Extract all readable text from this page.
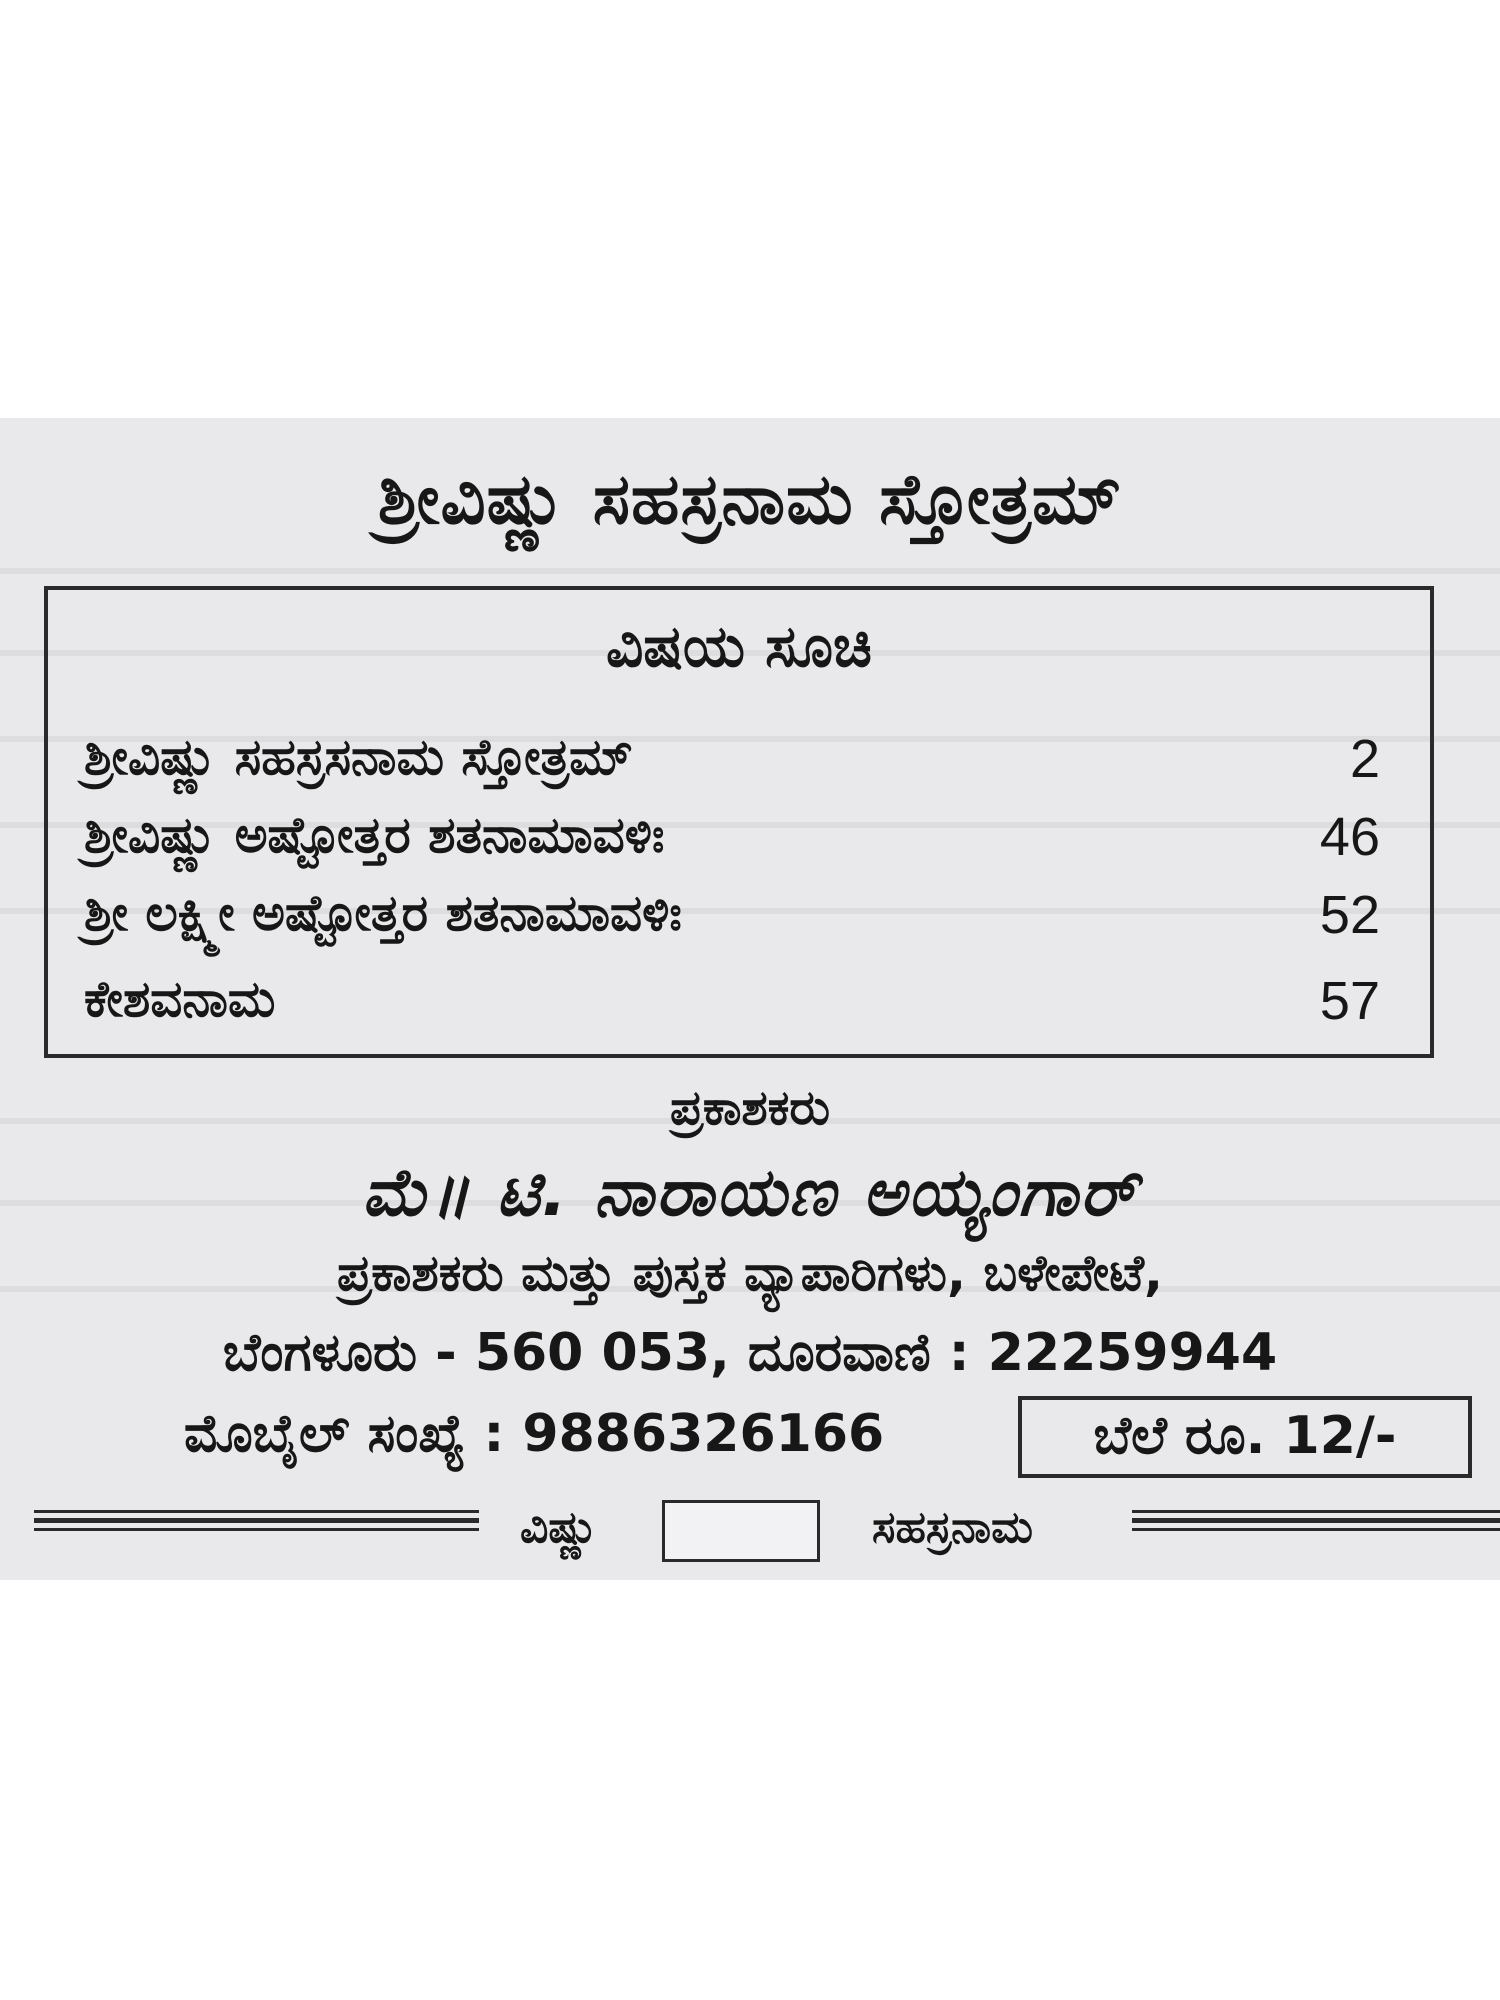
ಶ್ರೀವಿಷ್ಣು ಸಹಸ್ರನಾಮ ಸ್ತೋತ್ರಮ್
ವಿಷಯ ಸೂಚಿ
ಶ್ರೀವಿಷ್ಣು ಸಹಸ್ರಸನಾಮ ಸ್ತೋತ್ರಮ್	2
ಶ್ರೀವಿಷ್ಣು ಅಷ್ಟೋತ್ತರ ಶತನಾಮಾವಳಿಃ	46
ಶ್ರೀ ಲಕ್ಷ್ಮೀ ಅಷ್ಟೋತ್ತರ ಶತನಾಮಾವಳಿಃ	52
ಕೇಶವನಾಮ	57
ಪ್ರಕಾಶಕರು
ಮೆ॥ ಟಿ. ನಾರಾಯಣ ಅಯ್ಯಂಗಾರ್
ಪ್ರಕಾಶಕರು ಮತ್ತು ಪುಸ್ತಕ ವ್ಯಾಪಾರಿಗಳು, ಬಳೇಪೇಟೆ,
ಬೆಂಗಳೂರು - 560 053, ದೂರವಾಣಿ : 22259944
ಮೊಬೈಲ್ ಸಂಖ್ಯೆ : 9886326166	ಬೆಲೆ ರೂ. 12/-
ವಿಷ್ಣು	ಸಹಸ್ರನಾಮ
